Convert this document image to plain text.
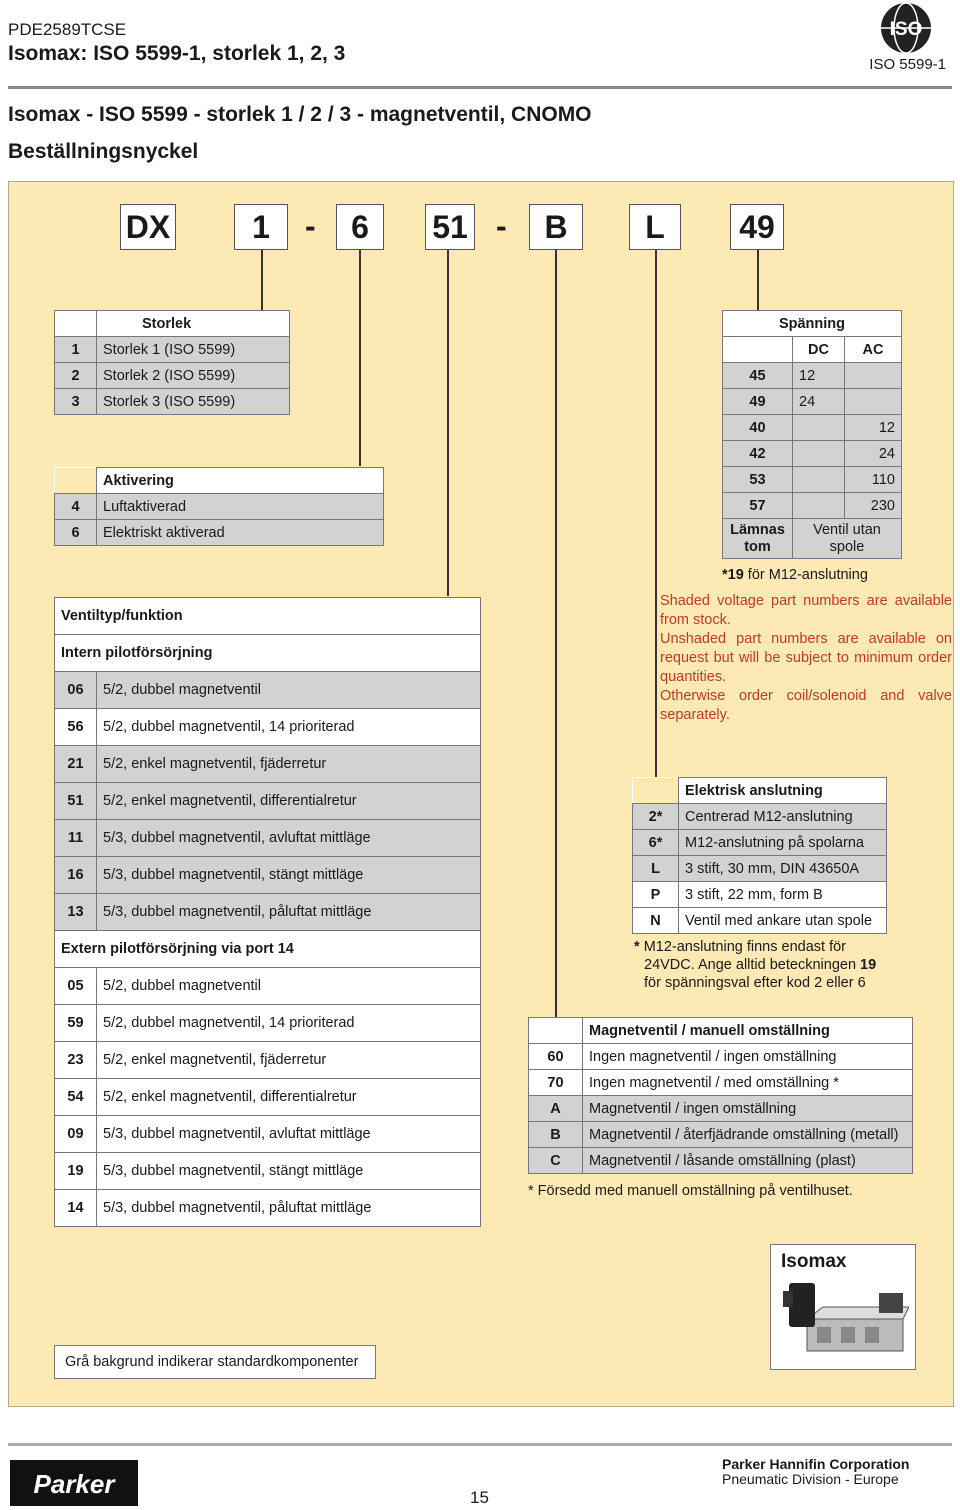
PDE2589TCSE
Isomax: ISO 5599-1, storlek 1, 2, 3
ISO
ISO 5599-1
Isomax - ISO 5599 - storlek 1 / 2 / 3 - magnetventil, CNOMO
Beställningsnyckel
DX	1	-	6	51 -	B	L	49
	Storlek
1	Storlek 1 (ISO 5599)
2	Storlek 2 (ISO 5599)
3	Storlek 3 (ISO 5599)
	Aktivering
4	Luftaktiverad
6	Elektriskt aktiverad
Ventiltyp/funktion	
Intern pilotförsörjning	
06	5/2, dubbel magnetventil
56	5/2, dubbel magnetventil, 14 prioriterad
21	5/2, enkel magnetventil, fjäderretur
51	5/2, enkel magnetventil, differentialretur
11	5/3, dubbel magnetventil, avluftat mittläge
16	5/3, dubbel magnetventil, stängt mittläge
13	5/3, dubbel magnetventil, påluftat mittläge
Extern pilotförsörjning via port 14	
05	5/2, dubbel magnetventil
59	5/2, dubbel magnetventil, 14 prioriterad
23	5/2, enkel magnetventil, fjäderretur
54	5/2, enkel magnetventil, differentialretur
09	5/3, dubbel magnetventil, avluftat mittläge
19	5/3, dubbel magnetventil, stängt mittläge
14	5/3, dubbel magnetventil, påluftat mittläge
Spänning		
	DC	AC
45	12	
49	24	
40		12
42		24
53		110
57		230
Lämnas tom	Ventil utan spole	
*19 för M12-anslutning
Shaded voltage part numbers are available from stock.
Unshaded part numbers are available on request but will be subject to minimum order quantities.
Otherwise order coil/solenoid and valve separately.
	Elektrisk anslutning
2*	Centrerad M12-anslutning
6*	M12-anslutning på spolarna
L	3 stift, 30 mm, DIN 43650A
P	3 stift, 22 mm, form B
N	Ventil med ankare utan spole
* M12-anslutning finns endast för
24VDC. Ange alltid beteckningen 19
för spänningsval efter kod 2 eller 6
	Magnetventil / manuell omställning
60	Ingen magnetventil / ingen omställning
70	Ingen magnetventil / med omställning *
A	Magnetventil / ingen omställning
B	Magnetventil / återfjädrande omställning (metall)
C	Magnetventil / låsande omställning (plast)
* Försedd med manuell omställning på ventilhuset.
Isomax
Grå bakgrund indikerar standardkomponenter
Parker	15
Parker Hannifin Corporation
Pneumatic Division - Europe
